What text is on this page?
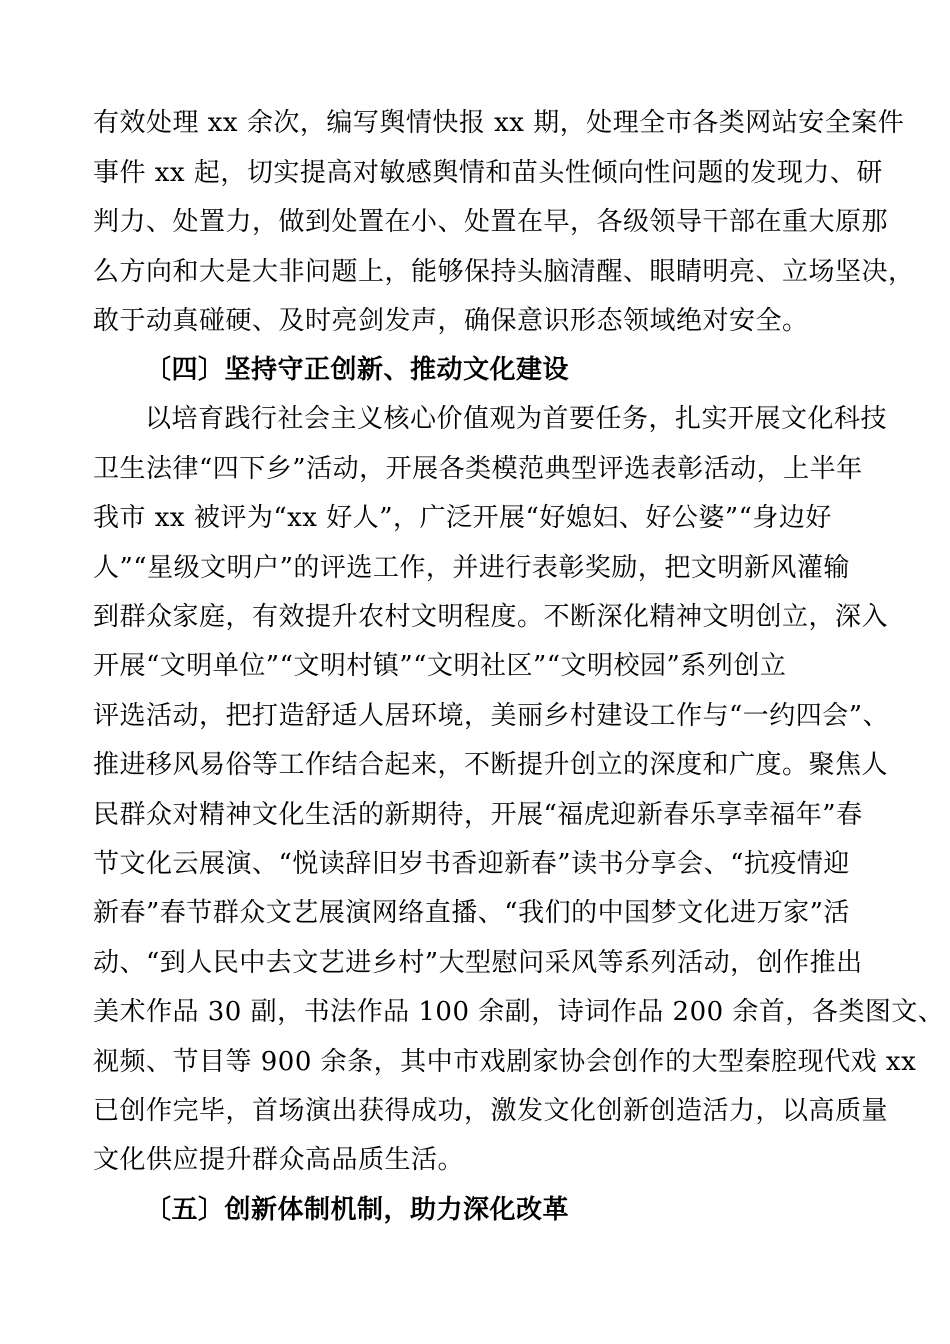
有效处理 xx 余次，编写舆情快报 xx 期，处理全市各类网站安全案件
事件 xx 起，切实提高对敏感舆情和苗头性倾向性问题的发现力、研
判力、处置力，做到处置在小、处置在早，各级领导干部在重大原那
么方向和大是大非问题上，能够保持头脑清醒、眼睛明亮、立场坚决，
敢于动真碰硬、及时亮剑发声，确保意识形态领域绝对安全。
〔四〕坚持守正创新、推动文化建设
以培育践行社会主义核心价值观为首要任务，扎实开展文化科技
卫生法律“四下乡”活动，开展各类模范典型评选表彰活动，上半年
我市 xx 被评为“xx 好人”，广泛开展“好媳妇、好公婆”“身边好
人”“星级文明户”的评选工作，并进行表彰奖励，把文明新风灌输
到群众家庭，有效提升农村文明程度。不断深化精神文明创立，深入
开展“文明单位”“文明村镇”“文明社区”“文明校园”系列创立
评选活动，把打造舒适人居环境，美丽乡村建设工作与“一约四会”、
推进移风易俗等工作结合起来，不断提升创立的深度和广度。聚焦人
民群众对精神文化生活的新期待，开展“福虎迎新春乐享幸福年”春
节文化云展演、“悦读辞旧岁书香迎新春”读书分享会、“抗疫情迎
新春”春节群众文艺展演网络直播、“我们的中国梦文化进万家”活
动、“到人民中去文艺进乡村”大型慰问采风等系列活动，创作推出
美术作品 30 副，书法作品 100 余副，诗词作品 200 余首，各类图文、
视频、节目等 900 余条，其中市戏剧家协会创作的大型秦腔现代戏 xx
已创作完毕，首场演出获得成功，激发文化创新创造活力，以高质量
文化供应提升群众高品质生活。
〔五〕创新体制机制，助力深化改革
